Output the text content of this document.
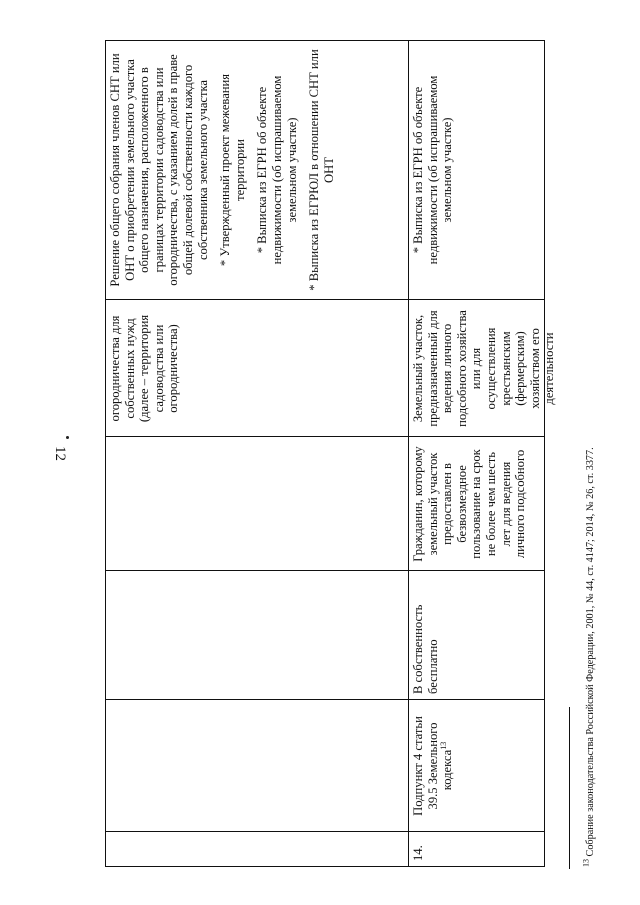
12
огородничества для собственных нужд (далее – территория садоводства или огородничества)

Решение общего собрания членов СНТ или ОНТ о приобретении земельного участка общего назначения, расположенного в границах территории садоводства или огородничества, с указанием долей в праве общей долевой собственности каждого собственника земельного участка * Утвержденный проект межевания территории * Выписка из ЕГРН об объекте недвижимости (об испрашиваемом земельном участке) * Выписка из ЕГРЮЛ в отношении СНТ или ОНТ

14.
Подпункт 4 статьи 39.5 Земельного кодекса$^{13}$
В собственность бесплатно
Гражданин, которому земельный участок предоставлен в безвозмездное пользование на срок не более чем шесть лет для ведения личного подсобного
Земельный участок, предназначенный для ведения личного подсобного хозяйства или для осуществления крестьянским (фермерским) хозяйством его деятельности

* Выписка из ЕГРН об объекте недвижимости (об испрашиваемом земельном участке)

$^{13}$ Собрание законодательства Российской Федерации, 2001, № 44, ст. 4147; 2014, № 26, ст. 3377.
